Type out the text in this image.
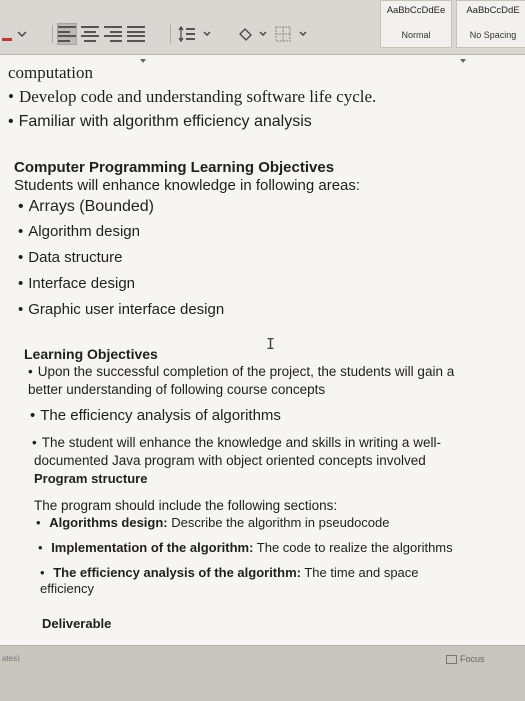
AaBbCcDdEe
Normal
AaBbCcDdE
No Spacing
computation
• Develop code and understanding software life cycle.
• Familiar with algorithm efficiency analysis
Computer Programming Learning Objectives
Students will enhance knowledge in following areas:
• Arrays (Bounded)
• Algorithm design
• Data structure
• Interface design
• Graphic user interface design
I
Learning Objectives
• Upon the successful completion of the project, the students will gain a
better understanding of following course concepts
• The efficiency analysis of algorithms
• The student will enhance the knowledge and skills in writing a well-
documented Java program with object oriented concepts involved
Program structure
The program should include the following sections:
• Algorithms design: Describe the algorithm in pseudocode
• Implementation of the algorithm: The code to realize the algorithms
• The efficiency analysis of the algorithm: The time and space
efficiency
Deliverable
ates)	Focus
